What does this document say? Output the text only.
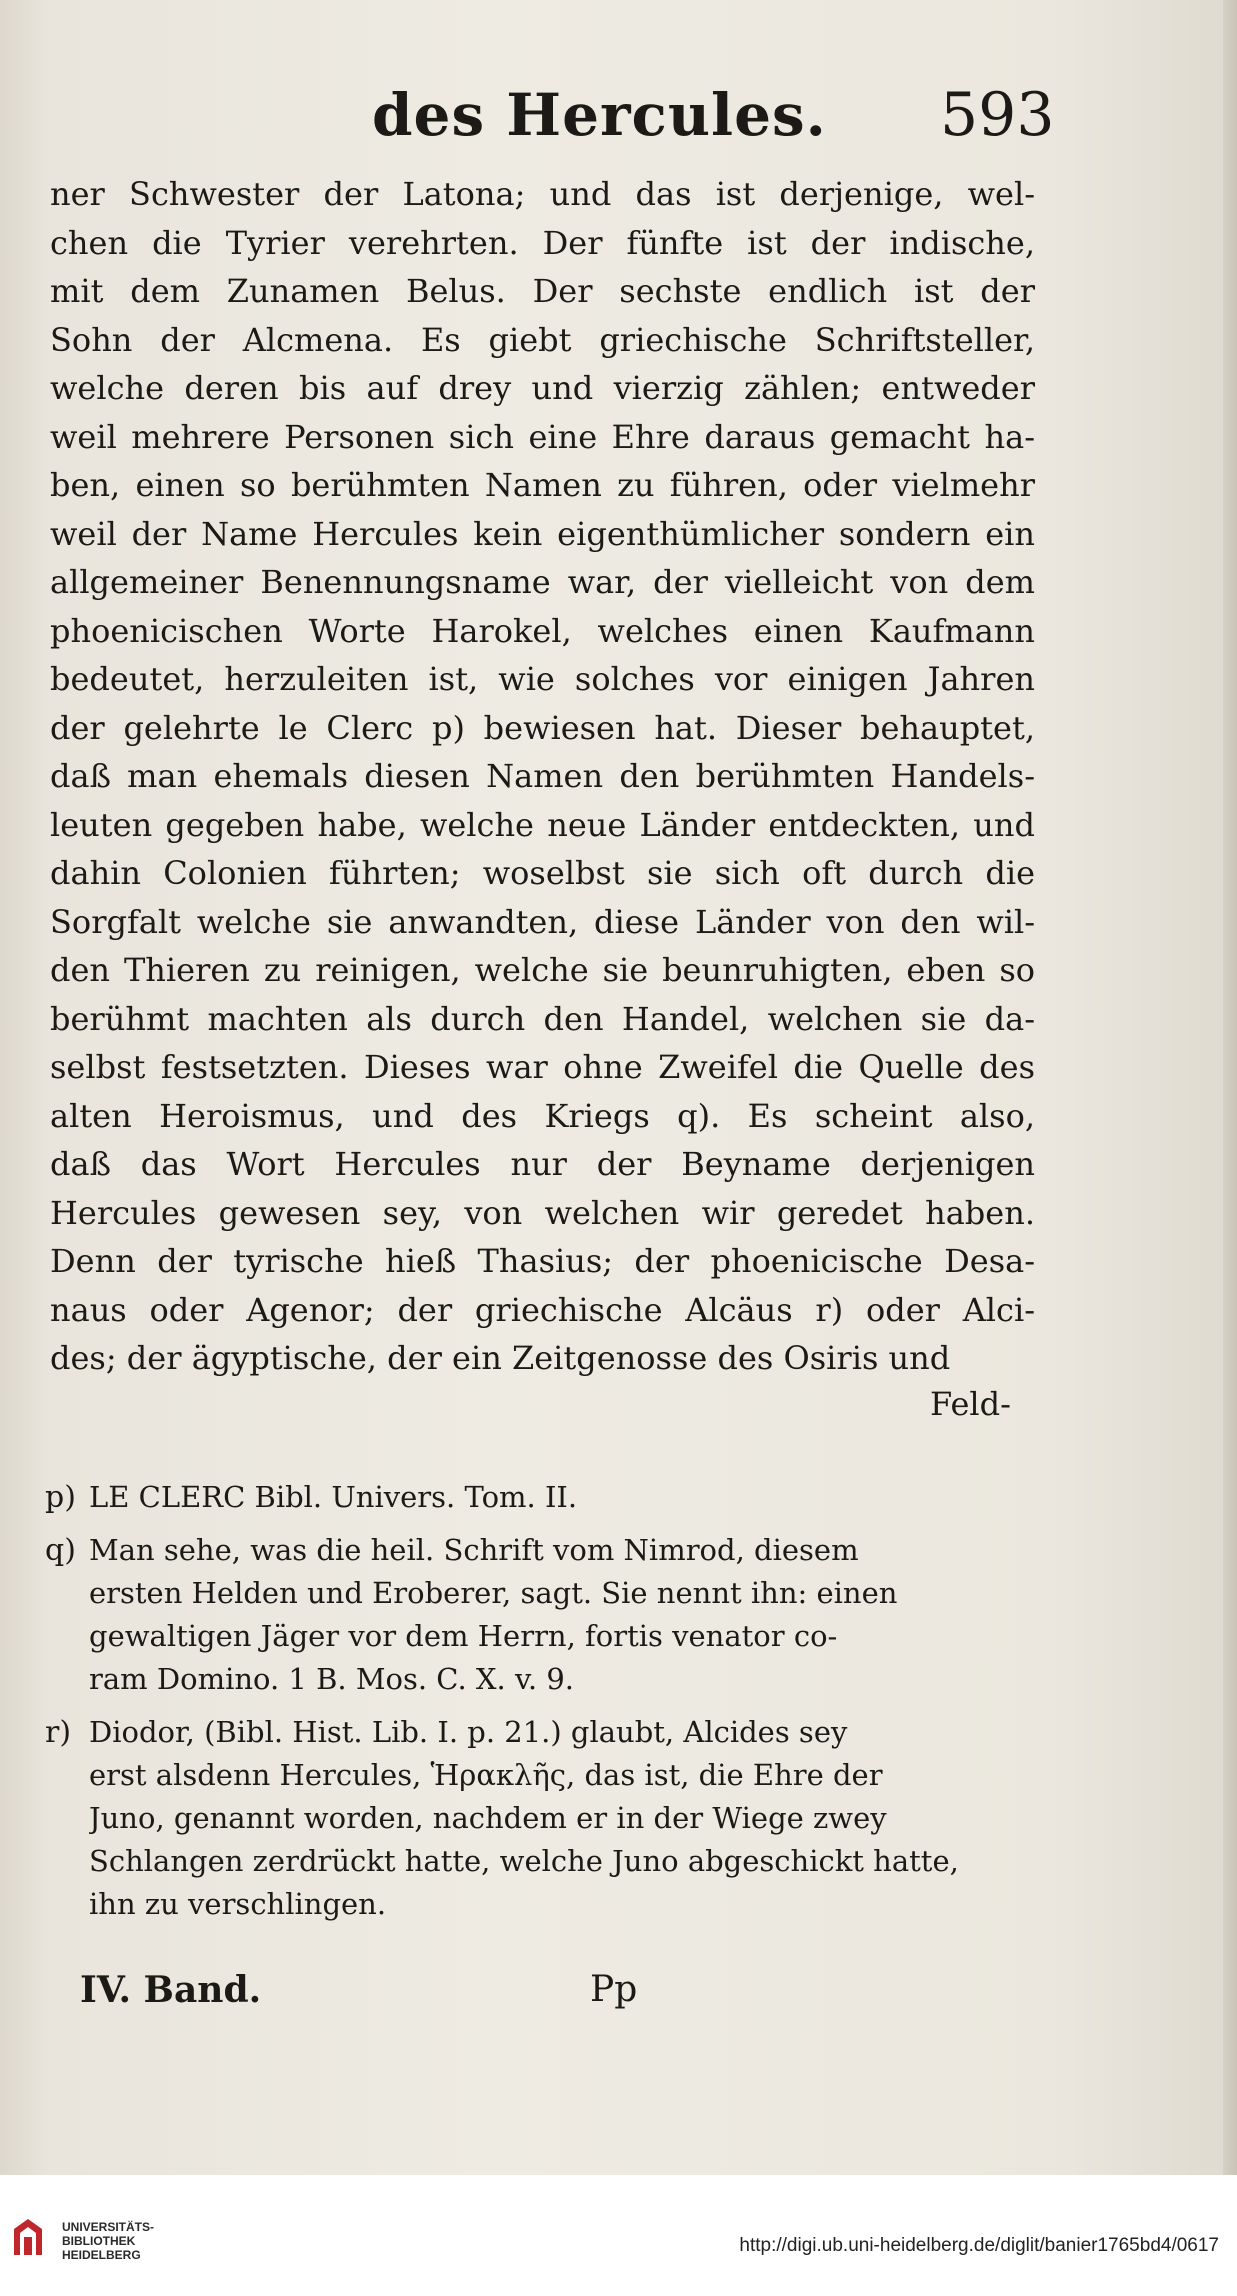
des Hercules. 593
ner Schwester der Latona; und das ist derjenige, wel-
chen die Tyrier verehrten. Der fünfte ist der indische,
mit dem Zunamen Belus. Der sechste endlich ist der
Sohn der Alcmena. Es giebt griechische Schriftsteller,
welche deren bis auf drey und vierzig zählen; entweder
weil mehrere Personen sich eine Ehre daraus gemacht ha-
ben, einen so berühmten Namen zu führen, oder vielmehr
weil der Name Hercules kein eigenthümlicher sondern ein
allgemeiner Benennungsname war, der vielleicht von dem
phoenicischen Worte Harokel, welches einen Kaufmann
bedeutet, herzuleiten ist, wie solches vor einigen Jahren
der gelehrte le Clerc p) bewiesen hat. Dieser behauptet,
daß man ehemals diesen Namen den berühmten Handels-
leuten gegeben habe, welche neue Länder entdeckten, und
dahin Colonien führten; woselbst sie sich oft durch die
Sorgfalt welche sie anwandten, diese Länder von den wil-
den Thieren zu reinigen, welche sie beunruhigten, eben so
berühmt machten als durch den Handel, welchen sie da-
selbst festsetzten. Dieses war ohne Zweifel die Quelle des
alten Heroismus, und des Kriegs q). Es scheint also,
daß das Wort Hercules nur der Beyname derjenigen
Hercules gewesen sey, von welchen wir geredet haben.
Denn der tyrische hieß Thasius; der phoenicische Desa-
naus oder Agenor; der griechische Alcäus r) oder Alci-
des; der ägyptische, der ein Zeitgenosse des Osiris und
Feld-
p) LE CLERC Bibl. Univers. Tom. II.
q) Man sehe, was die heil. Schrift vom Nimrod, diesem
ersten Helden und Eroberer, sagt. Sie nennt ihn: einen
gewaltigen Jäger vor dem Herrn, fortis venator co-
ram Domino. 1 B. Mos. C. X. v. 9.
r) Diodor, (Bibl. Hist. Lib. I. p. 21.) glaubt, Alcides sey
erst alsdenn Hercules, Ἡρακλῆς, das ist, die Ehre der
Juno, genannt worden, nachdem er in der Wiege zwey
Schlangen zerdrückt hatte, welche Juno abgeschickt hatte,
ihn zu verschlingen.
IV. Band.	Pp
UNIVERSITÄTS-
BIBLIOTHEK
HEIDELBERG	http://digi.ub.uni-heidelberg.de/diglit/banier1765bd4/0617
